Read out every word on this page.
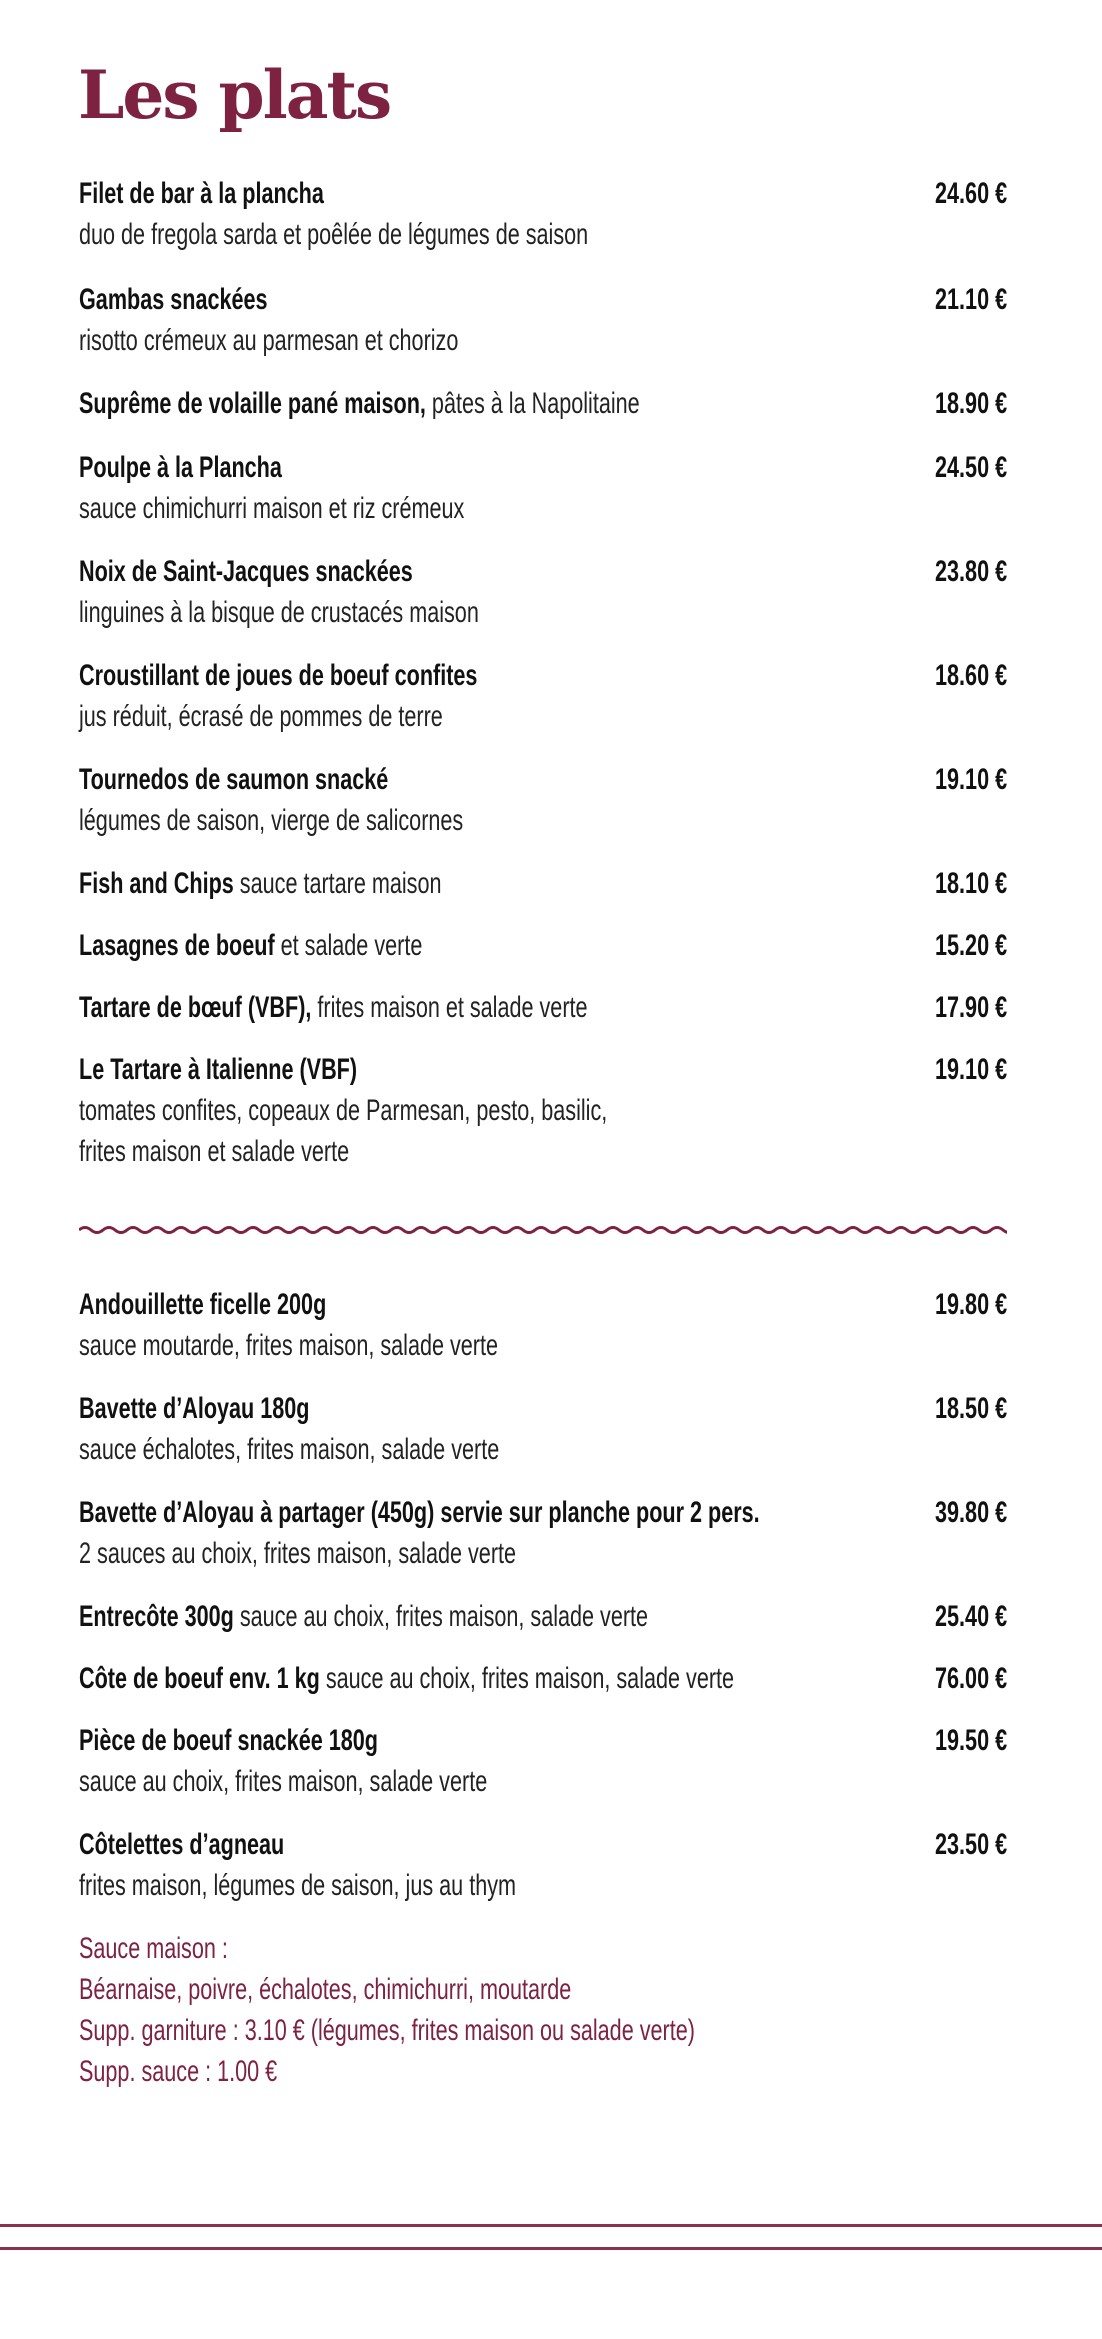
Les plats
Filet de bar à la plancha
duo de fregola sarda et poêlée de légumes de saison
24.60 €
Gambas snackées
risotto crémeux au parmesan et chorizo
21.10 €
Suprême de volaille pané maison, pâtes à la Napolitaine	18.90 €
Poulpe à la Plancha
sauce chimichurri maison et riz crémeux
24.50 €
Noix de Saint-Jacques snackées
linguines à la bisque de crustacés maison
23.80 €
Croustillant de joues de boeuf confites
jus réduit, écrasé de pommes de terre
18.60 €
Tournedos de saumon snacké
légumes de saison, vierge de salicornes
19.10 €
Fish and Chips sauce tartare maison	18.10 €
Lasagnes de boeuf et salade verte	15.20 €
Tartare de bœuf (VBF), frites maison et salade verte	17.90 €
Le Tartare à Italienne (VBF)
tomates confites, copeaux de Parmesan, pesto, basilic,
frites maison et salade verte
19.10 €
Andouillette ficelle 200g
sauce moutarde, frites maison, salade verte
19.80 €
Bavette d’Aloyau 180g
sauce échalotes, frites maison, salade verte
18.50 €
Bavette d’Aloyau à partager (450g) servie sur planche pour 2 pers.
2 sauces au choix, frites maison, salade verte
39.80 €
Entrecôte 300g sauce au choix, frites maison, salade verte	25.40 €
Côte de boeuf env. 1 kg sauce au choix, frites maison, salade verte	76.00 €
Pièce de boeuf snackée 180g
sauce au choix, frites maison, salade verte
19.50 €
Côtelettes d’agneau
frites maison, légumes de saison, jus au thym
23.50 €
Sauce maison :
Béarnaise, poivre, échalotes, chimichurri, moutarde
Supp. garniture : 3.10 € (légumes, frites maison ou salade verte)
Supp. sauce : 1.00 €
